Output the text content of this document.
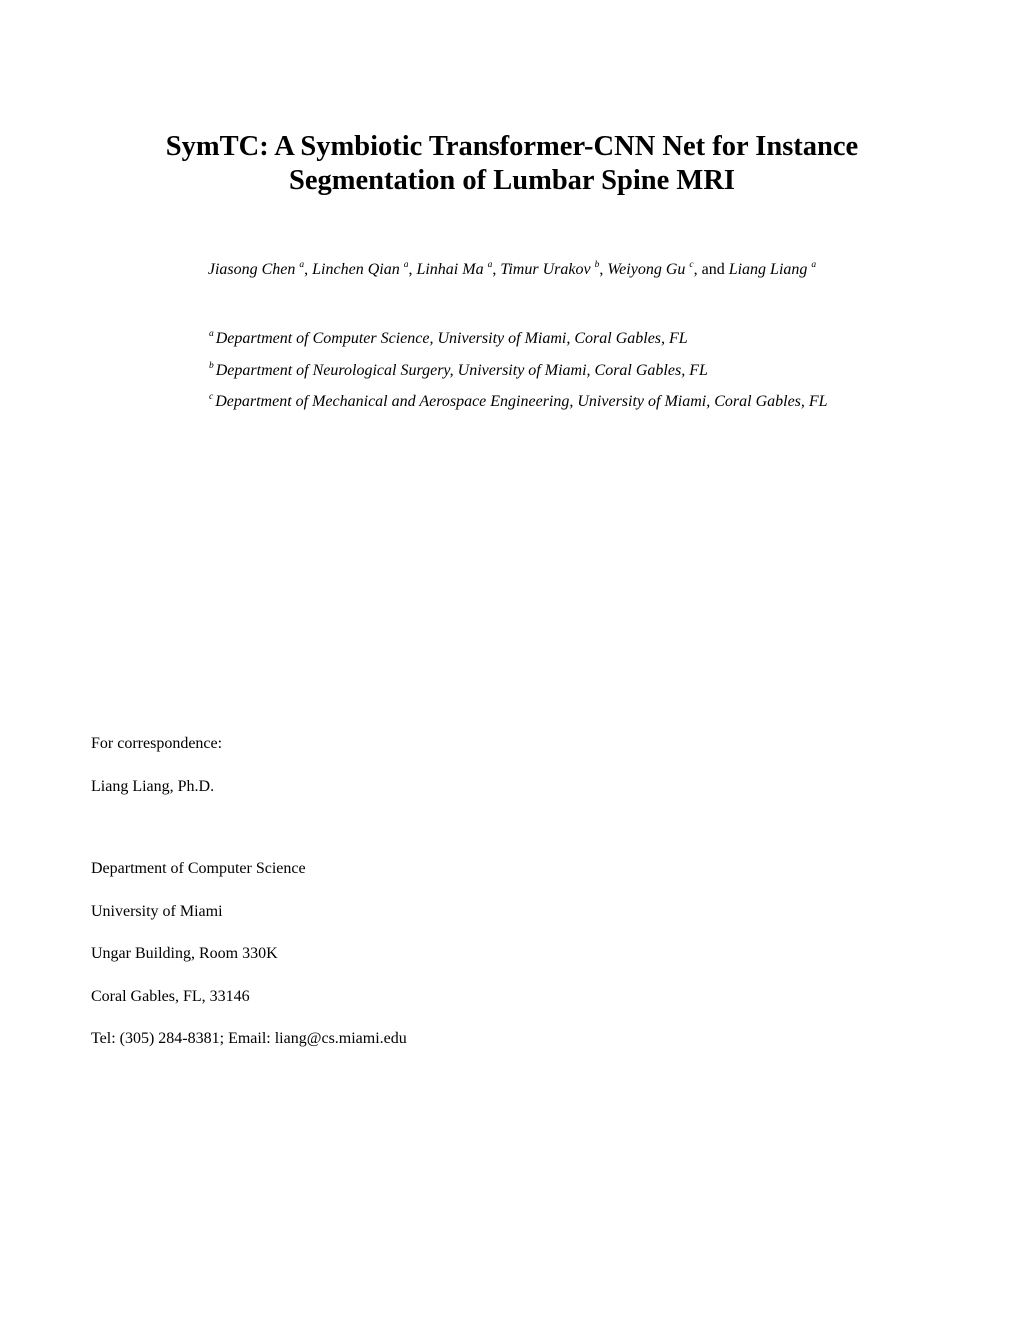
SymTC: A Symbiotic Transformer-CNN Net for Instance
Segmentation of Lumbar Spine MRI
Jiasong Chen $^a$, Linchen Qian $^a$, Linhai Ma $^a$, Timur Urakov $^b$, Weiyong Gu $^c$, and Liang Liang $^a$
$^a$ Department of Computer Science, University of Miami, Coral Gables, FL
$^b$ Department of Neurological Surgery, University of Miami, Coral Gables, FL
$^c$ Department of Mechanical and Aerospace Engineering, University of Miami, Coral Gables, FL
For correspondence:
Liang Liang, Ph.D.
Department of Computer Science
University of Miami
Ungar Building, Room 330K
Coral Gables, FL, 33146
Tel: (305) 284-8381; Email: liang@cs.miami.edu
